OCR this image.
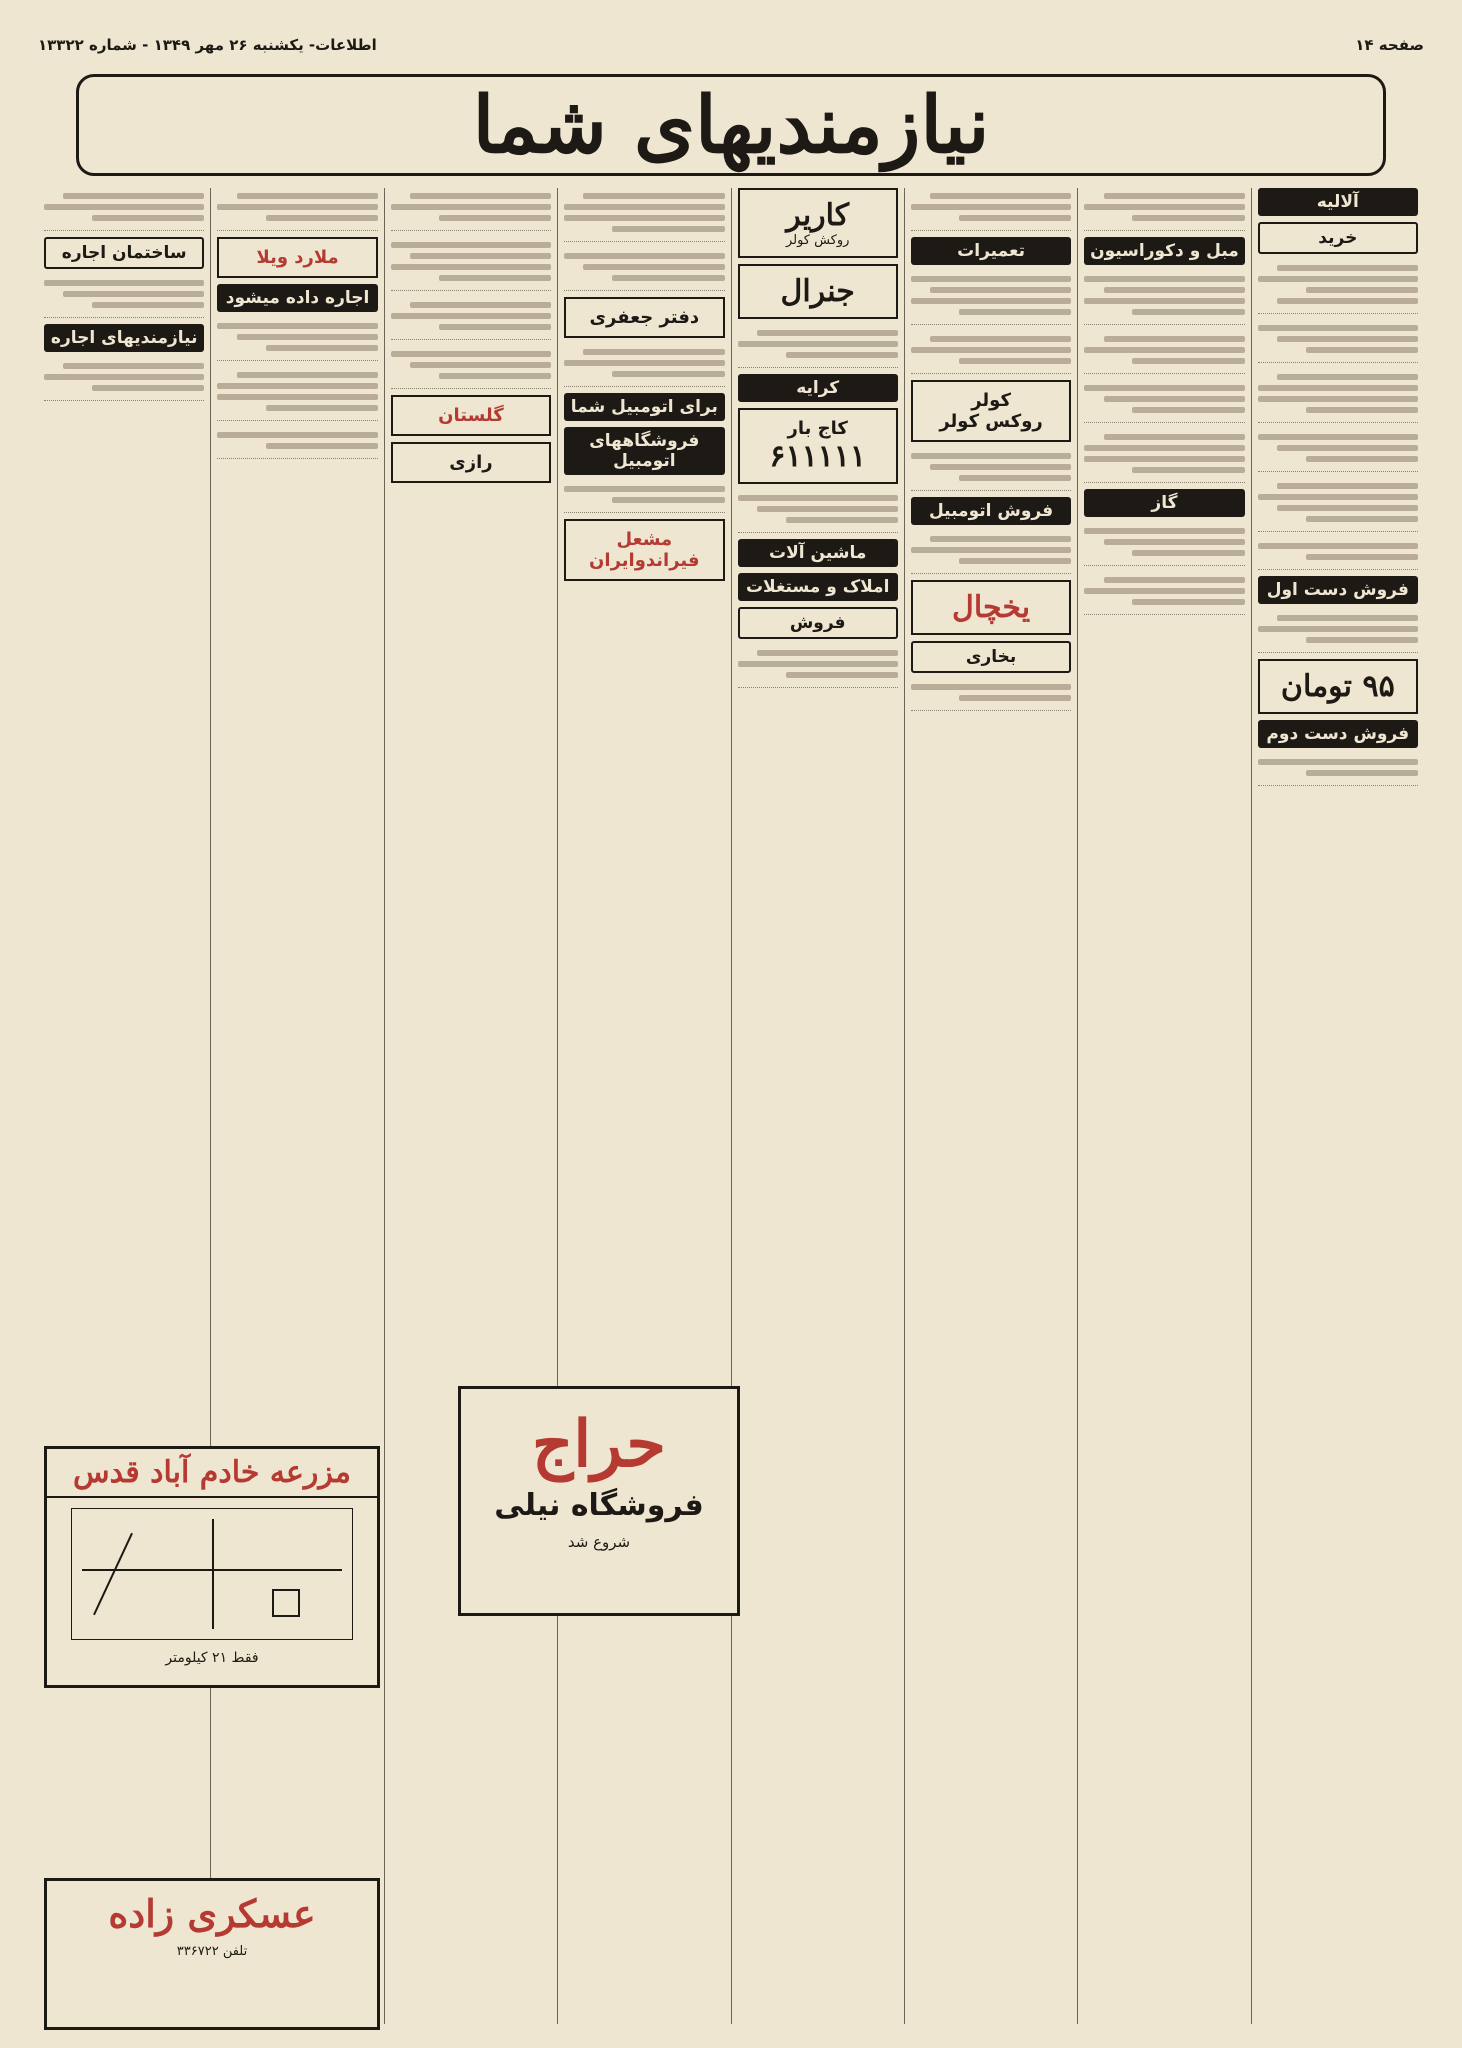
صفحه ۱۴
اطلاعات- یکشنبه ۲۶ مهر ۱۳۴۹ - شماره ۱۳۳۲۲
نیازمندیهای شما
آلالیه
خرید
فروش دست اول
۹۵ تومان
فروش دست دوم
مبل و دکوراسیون
گاز
تعمیرات
کولر
روکس کولر
فروش اتومبیل
یخچال
بخاری
کاریر
روکش کولر
جنرال
کرایه
کاج بار
۶۱۱۱۱۱
ماشین آلات
املاک و مستغلات
فروش
دفتر جعفری
برای اتومبیل شما
فروشگاههای اتومبیل
مشعل فیراندوایران
گلستان
رازی
ملارد ویلا
اجاره داده میشود
ساختمان اجاره
نیازمندیهای اجاره
حراج
فروشگاه نیلی
شروع شد
مزرعه خادم آباد قدس
فقط ۲۱ کیلومتر
عسکری زاده
تلفن ۳۳۶۷۲۲
